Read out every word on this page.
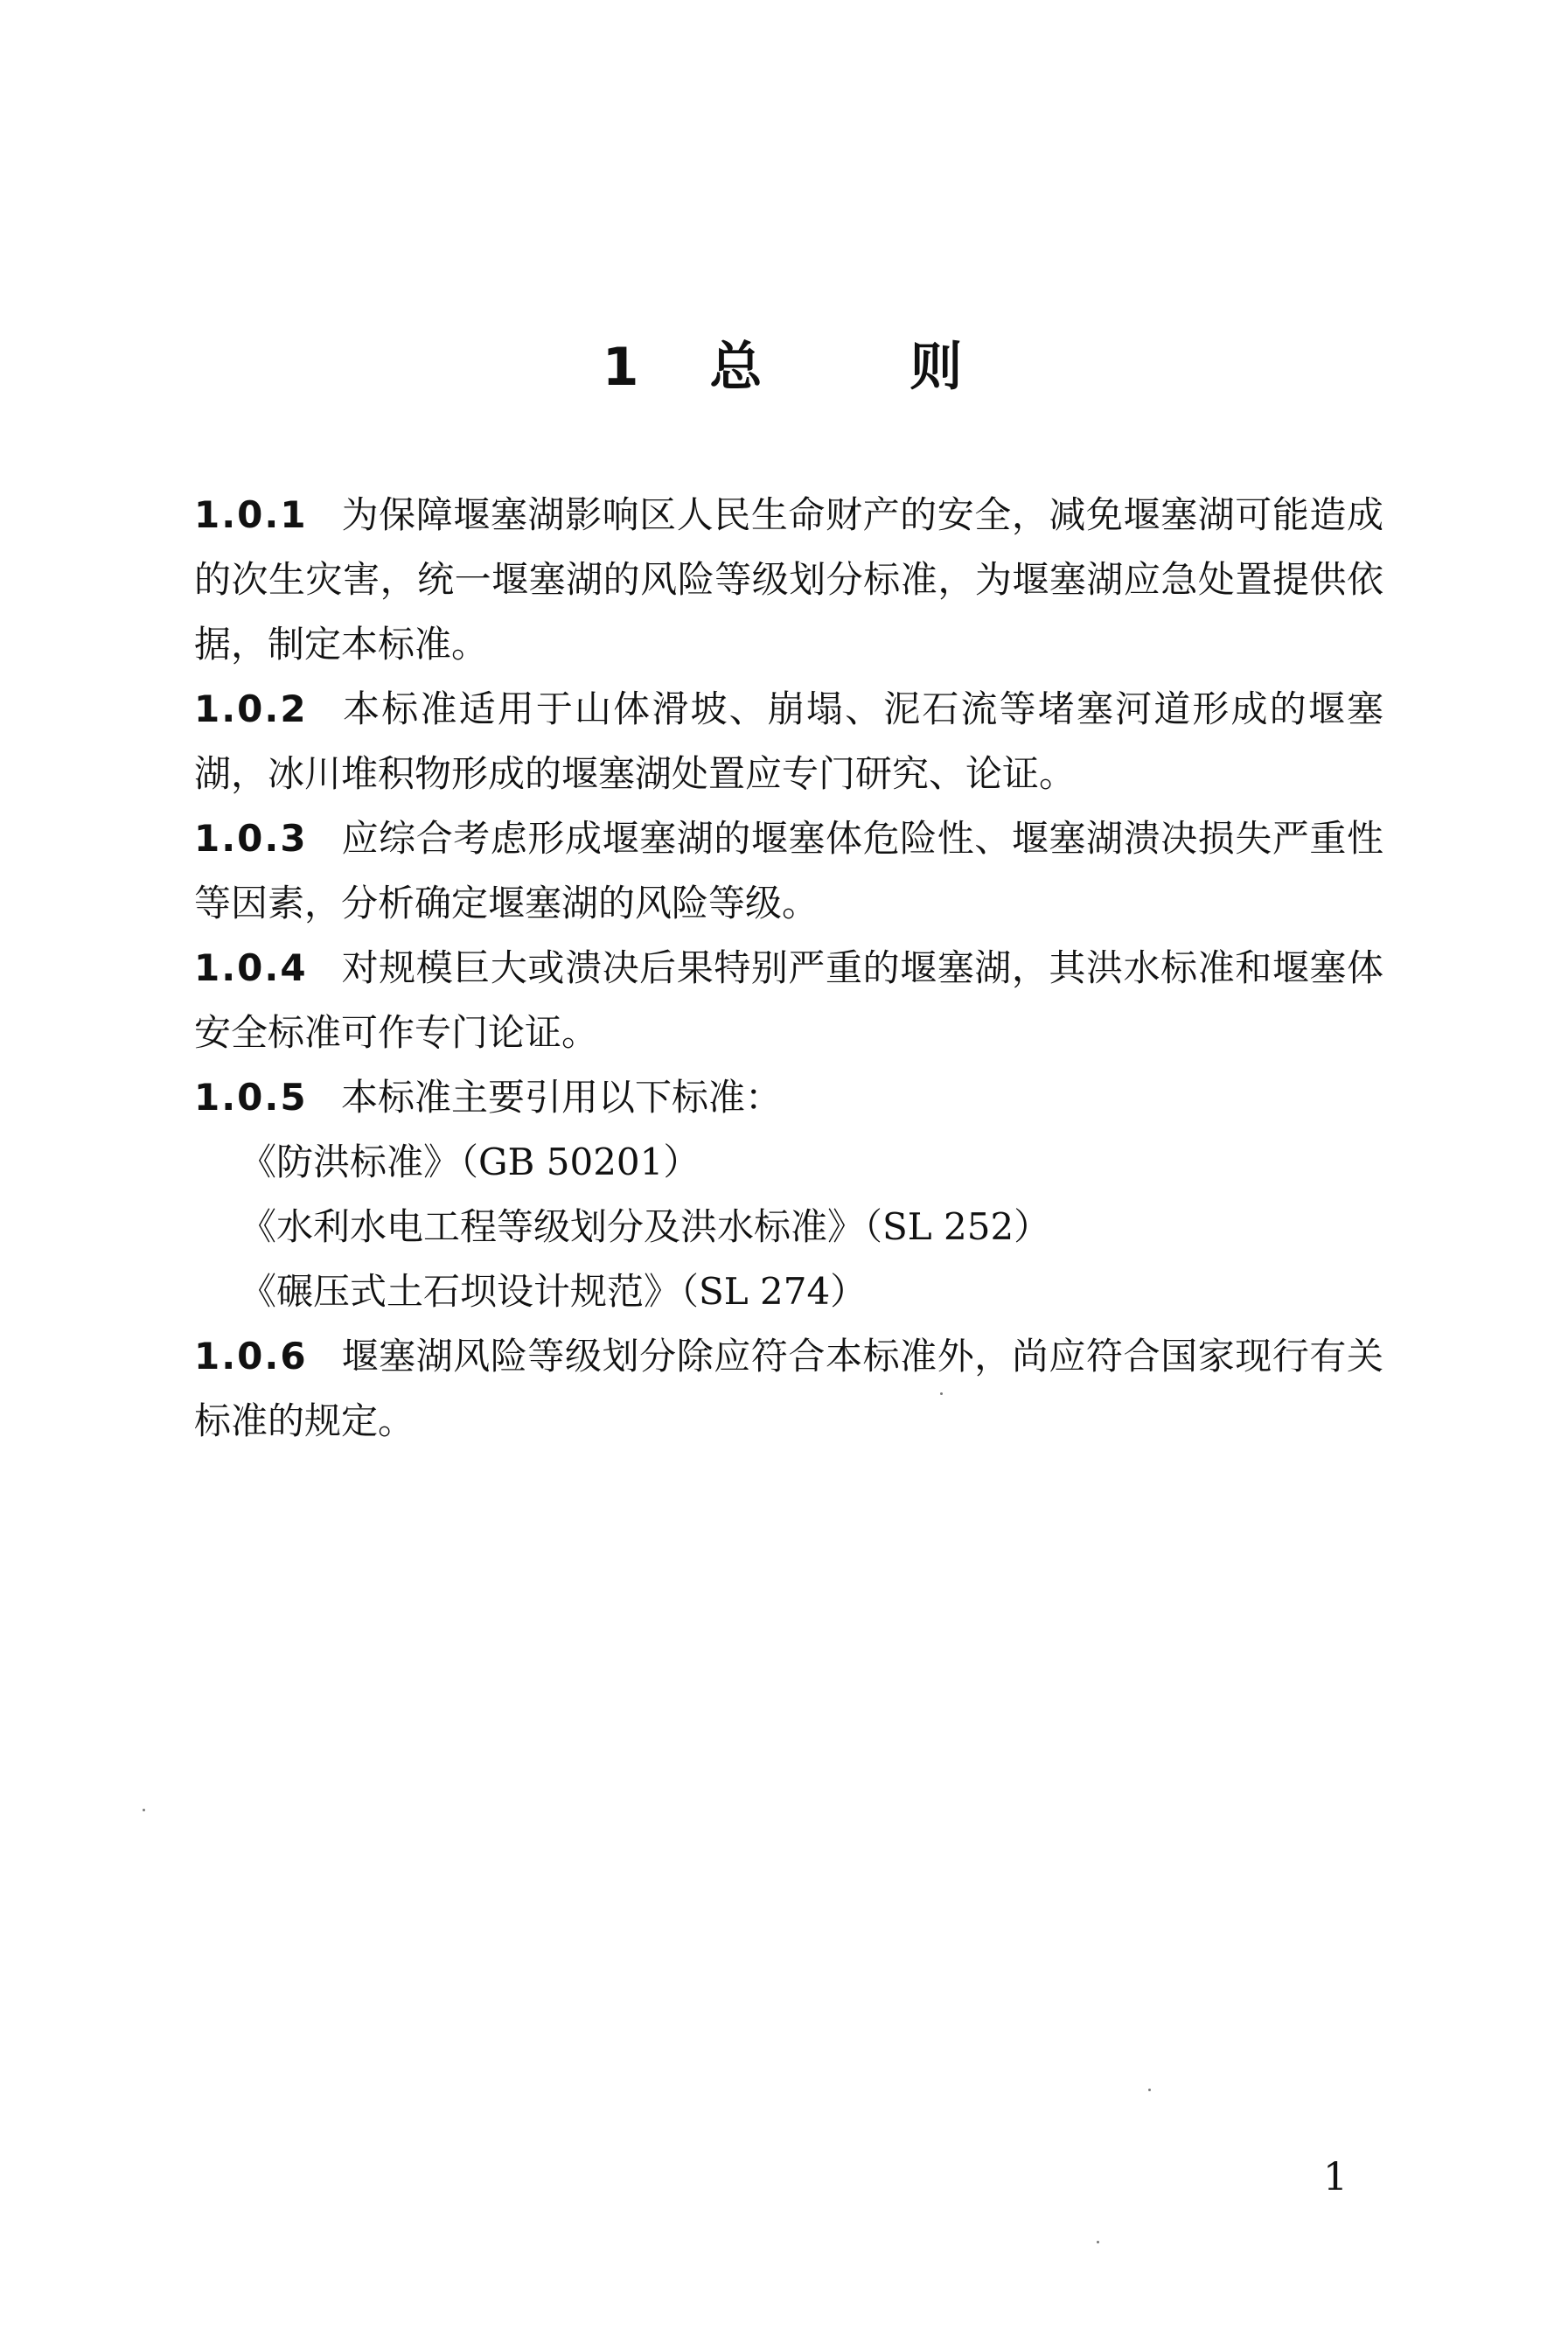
1 总	则

1.0.1 为保障堰塞湖影响区人民生命财产的安全，减免堰塞湖可能造成的次生灾害，统一堰塞湖的风险等级划分标准，为堰塞湖应急处置提供依据，制定本标准。

1.0.2 本标准适用于山体滑坡、崩塌、泥石流等堵塞河道形成的堰塞湖，冰川堆积物形成的堰塞湖处置应专门研究、论证。

1.0.3 应综合考虑形成堰塞湖的堰塞体危险性、堰塞湖溃决损失严重性等因素，分析确定堰塞湖的风险等级。

1.0.4 对规模巨大或溃决后果特别严重的堰塞湖，其洪水标准和堰塞体安全标准可作专门论证。

1.0.5 本标准主要引用以下标准：

《防洪标准》（GB 50201）
《水利水电工程等级划分及洪水标准》（SL 252）
《碾压式土石坝设计规范》（SL 274）

1.0.6 堰塞湖风险等级划分除应符合本标准外，尚应符合国家现行有关标准的规定。

1
